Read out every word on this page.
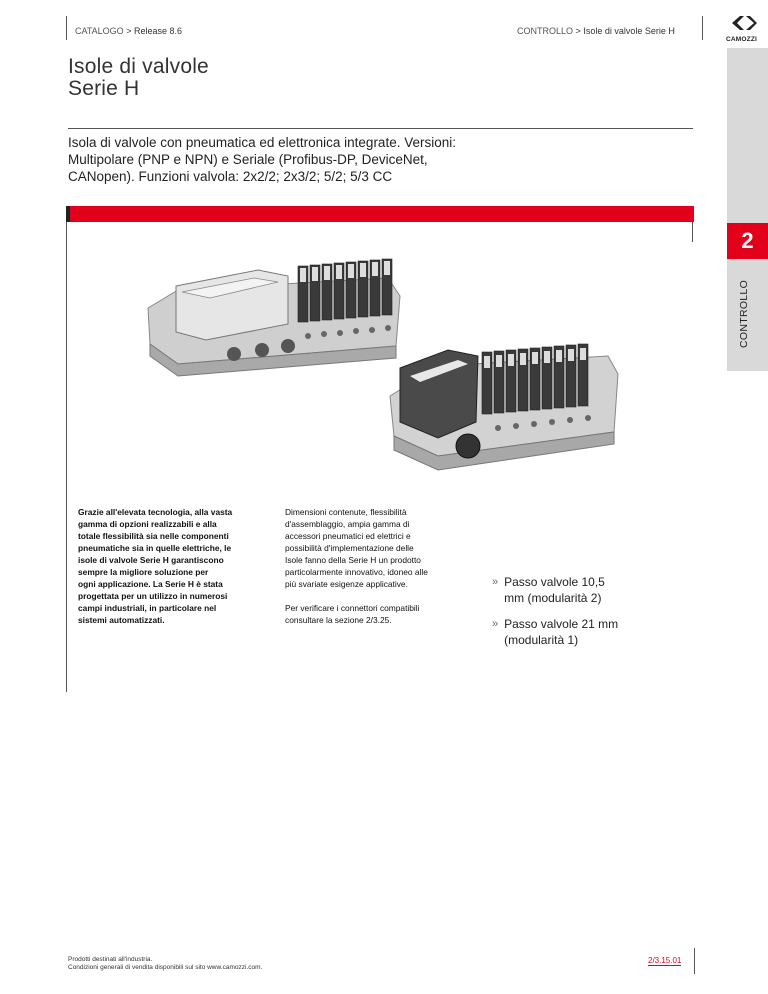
CATALOGO > Release 8.6	CONTROLLO > Isole di valvole Serie H
CAMOZZI
2
CONTROLLO
Isole di valvole
Serie H
Isola di valvole con pneumatica ed elettronica integrate. Versioni:
Multipolare (PNP e NPN) e Seriale (Profibus-DP, DeviceNet,
CANopen). Funzioni valvola: 2x2/2; 2x3/2; 5/2; 5/3 CC
Grazie all'elevata tecnologia, alla vasta
gamma di opzioni realizzabili e alla
totale flessibilità sia nelle componenti
pneumatiche sia in quelle elettriche, le
isole di valvole Serie H garantiscono
sempre la migliore soluzione per
ogni applicazione. La Serie H è stata
progettata per un utilizzo in numerosi
campi industriali, in particolare nel
sistemi automatizzati.
Dimensioni contenute, flessibilità
d'assemblaggio, ampia gamma di
accessori pneumatici ed elettrici e
possibilità d'implementazione delle
Isole fanno della Serie H un prodotto
particolarmente innovativo, idoneo alle
più svariate esigenze applicative.
Per verificare i connettori compatibili
consultare la sezione 2/3.25.
» Passo valvole 10,5
mm (modularità 2)
» Passo valvole 21 mm
(modularità 1)
Prodotti destinati all'industria.
Condizioni generali di vendita disponibili sul sito www.camozzi.com.
2/3.15.01
